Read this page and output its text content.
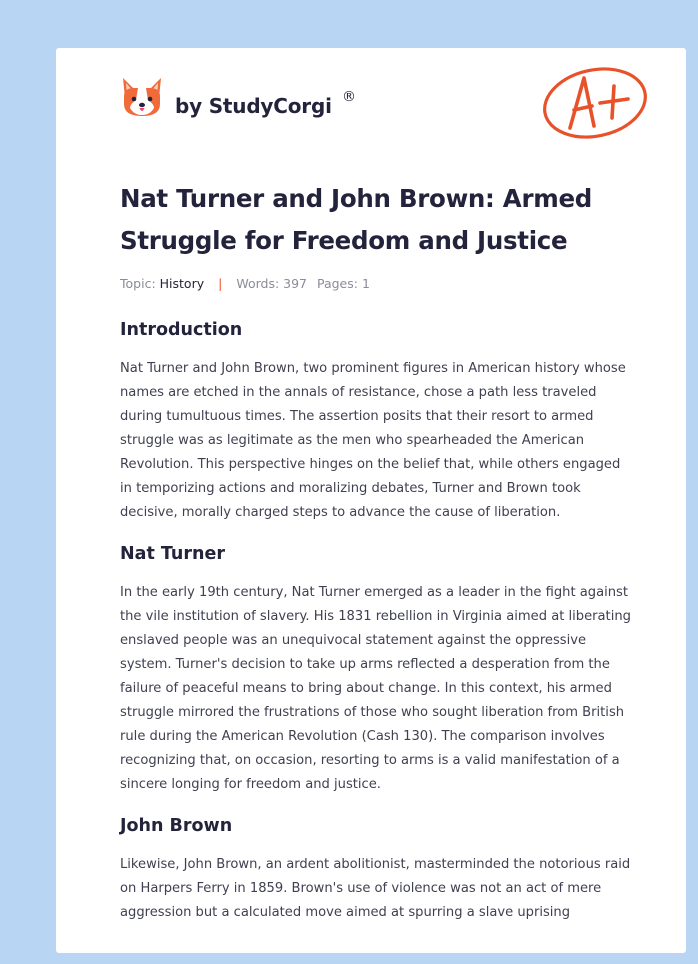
by StudyCorgi ®
Nat Turner and John Brown: Armed Struggle for Freedom and Justice
Topic: History | Words: 397 Pages: 1
Introduction

Nat Turner and John Brown, two prominent figures in American history whose names are etched in the annals of resistance, chose a path less traveled during tumultuous times. The assertion posits that their resort to armed struggle was as legitimate as the men who spearheaded the American Revolution. This perspective hinges on the belief that, while others engaged in temporizing actions and moralizing debates, Turner and Brown took decisive, morally charged steps to advance the cause of liberation.

Nat Turner

In the early 19th century, Nat Turner emerged as a leader in the fight against the vile institution of slavery. His 1831 rebellion in Virginia aimed at liberating enslaved people was an unequivocal statement against the oppressive system. Turner's decision to take up arms reflected a desperation from the failure of peaceful means to bring about change. In this context, his armed struggle mirrored the frustrations of those who sought liberation from British rule during the American Revolution (Cash 130). The comparison involves recognizing that, on occasion, resorting to arms is a valid manifestation of a sincere longing for freedom and justice.

John Brown

Likewise, John Brown, an ardent abolitionist, masterminded the notorious raid on Harpers Ferry in 1859. Brown's use of violence was not an act of mere aggression but a calculated move aimed at spurring a slave uprising
